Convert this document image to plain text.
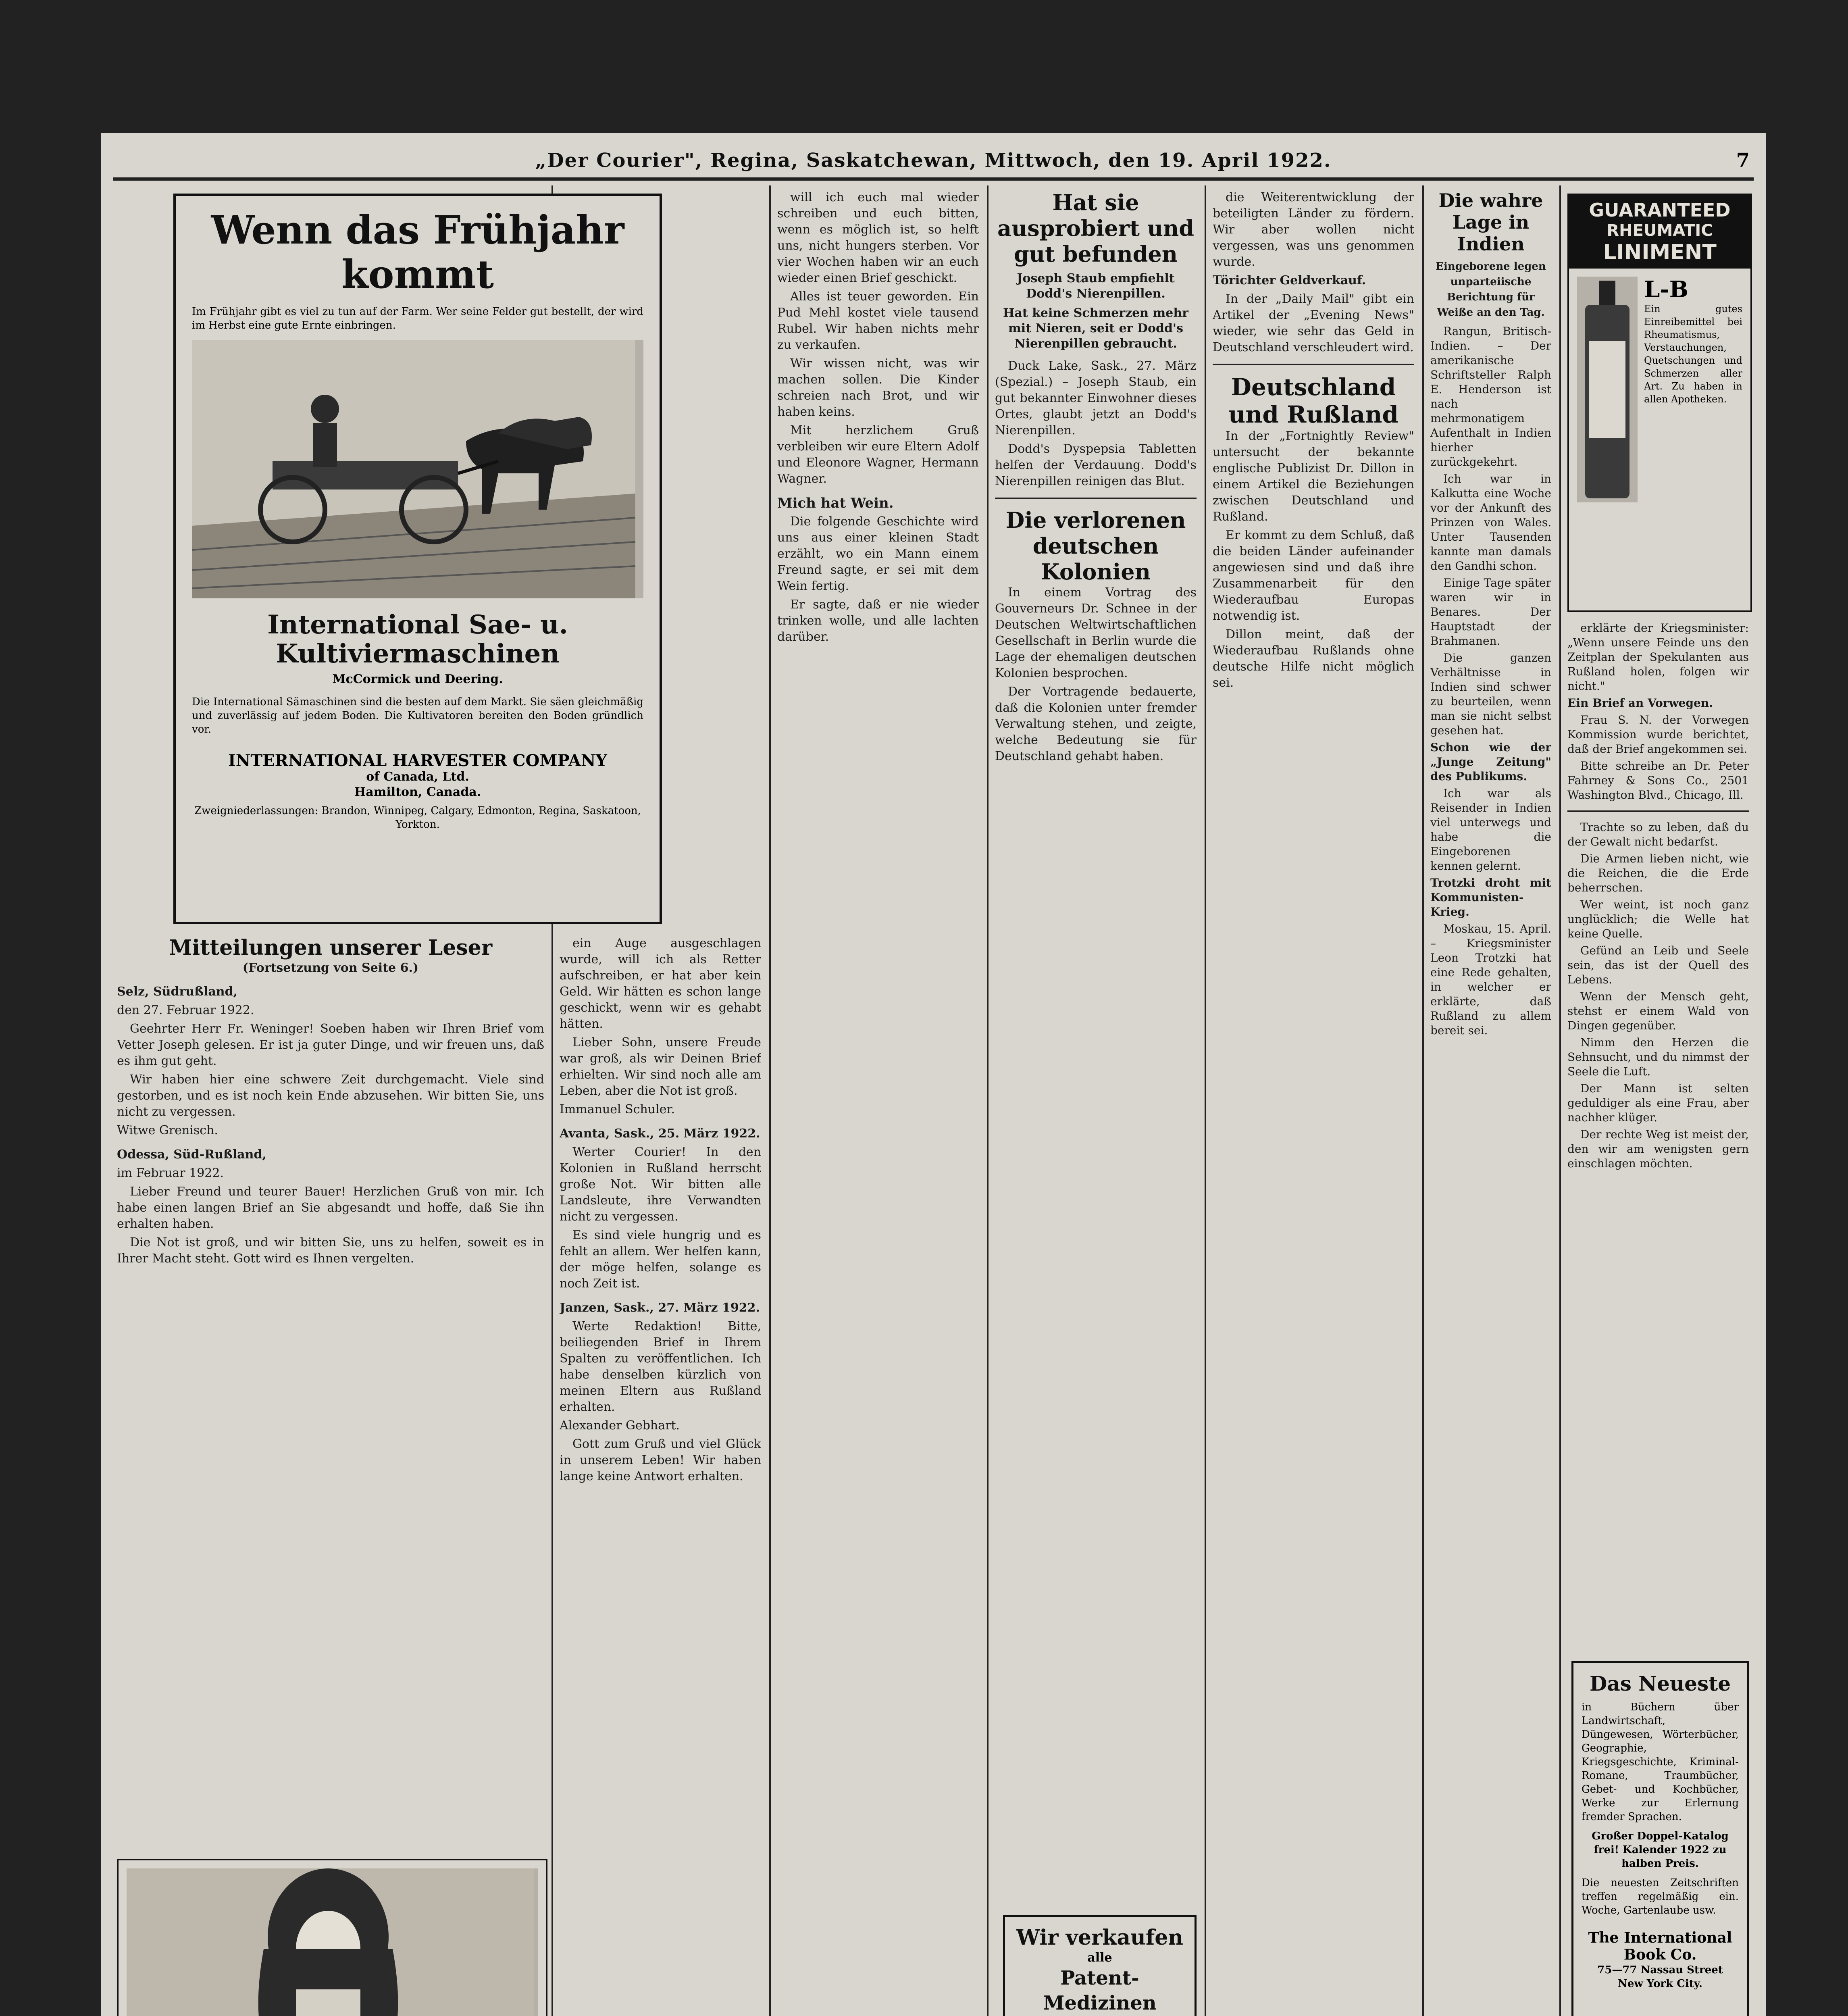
„Der Courier", Regina, Saskatchewan, Mittwoch, den 19. April 1922.	7
Wenn das Frühjahr kommt
Im Frühjahr gibt es viel zu tun auf der Farm. Wer seine Felder gut bestellt, der wird im Herbst eine gute Ernte einbringen.
International Sae- u. Kultiviermaschinen
McCormick und Deering.
Die International Sämaschinen sind die besten auf dem Markt. Sie säen gleichmäßig und zuverlässig auf jedem Boden. Die Kultivatoren bereiten den Boden gründlich vor.
INTERNATIONAL HARVESTER COMPANY
of Canada, Ltd.
Hamilton, Canada.
Zweigniederlassungen: Brandon, Winnipeg, Calgary, Edmonton, Regina, Saskatoon, Yorkton.
Mitteilungen unserer Leser
(Fortsetzung von Seite 6.)

Selz, Südrußland,

den 27. Februar 1922.

Geehrter Herr Fr. Weninger! Soeben haben wir Ihren Brief vom Vetter Joseph gelesen. Er ist ja guter Dinge, und wir freuen uns, daß es ihm gut geht.

Wir haben hier eine schwere Zeit durchgemacht. Viele sind gestorben, und es ist noch kein Ende abzusehen. Wir bitten Sie, uns nicht zu vergessen.

Witwe Grenisch.

Odessa, Süd-Rußland,

im Februar 1922.

Lieber Freund und teurer Bauer! Herzlichen Gruß von mir. Ich habe einen langen Brief an Sie abgesandt und hoffe, daß Sie ihn erhalten haben.

Die Not ist groß, und wir bitten Sie, uns zu helfen, soweit es in Ihrer Macht steht. Gott wird es Ihnen vergelten.

ein Auge ausgeschlagen wurde, will ich als Retter aufschreiben, er hat aber kein Geld. Wir hätten es schon lange geschickt, wenn wir es gehabt hätten.

Lieber Sohn, unsere Freude war groß, als wir Deinen Brief erhielten. Wir sind noch alle am Leben, aber die Not ist groß.

Immanuel Schuler.

Avanta, Sask., 25. März 1922.

Werter Courier! In den Kolonien in Rußland herrscht große Not. Wir bitten alle Landsleute, ihre Verwandten nicht zu vergessen.

Es sind viele hungrig und es fehlt an allem. Wer helfen kann, der möge helfen, solange es noch Zeit ist.

Janzen, Sask., 27. März 1922.

Werte Redaktion! Bitte, beiliegenden Brief in Ihrem Spalten zu veröffentlichen. Ich habe denselben kürzlich von meinen Eltern aus Rußland erhalten.

Alexander Gebhart.

Gott zum Gruß und viel Glück in unserem Leben! Wir haben lange keine Antwort erhalten.

will ich euch mal wieder schreiben und euch bitten, wenn es möglich ist, so helft uns, nicht hungers sterben. Vor vier Wochen haben wir an euch wieder einen Brief geschickt.

Alles ist teuer geworden. Ein Pud Mehl kostet viele tausend Rubel. Wir haben nichts mehr zu verkaufen.

Wir wissen nicht, was wir machen sollen. Die Kinder schreien nach Brot, und wir haben keins.

Mit herzlichem Gruß verbleiben wir eure Eltern Adolf und Eleonore Wagner, Hermann Wagner.

Mich hat Wein.

Die folgende Geschichte wird uns aus einer kleinen Stadt erzählt, wo ein Mann einem Freund sagte, er sei mit dem Wein fertig.

Er sagte, daß er nie wieder trinken wolle, und alle lachten darüber.

Hat sie ausprobiert und gut befunden
Joseph Staub empfiehlt Dodd's Nierenpillen.
Hat keine Schmerzen mehr mit Nieren, seit er Dodd's Nierenpillen gebraucht.

Duck Lake, Sask., 27. März (Spezial.) – Joseph Staub, ein gut bekannter Einwohner dieses Ortes, glaubt jetzt an Dodd's Nierenpillen.

Dodd's Dyspepsia Tabletten helfen der Verdauung. Dodd's Nierenpillen reinigen das Blut.

Die verlorenen deutschen Kolonien

In einem Vortrag des Gouverneurs Dr. Schnee in der Deutschen Weltwirtschaftlichen Gesellschaft in Berlin wurde die Lage der ehemaligen deutschen Kolonien besprochen.

Der Vortragende bedauerte, daß die Kolonien unter fremder Verwaltung stehen, und zeigte, welche Bedeutung sie für Deutschland gehabt haben.

Wir verkaufen
alle
Patent-Medizinen

die Weiterentwicklung der beteiligten Länder zu fördern. Wir aber wollen nicht vergessen, was uns genommen wurde.

Törichter Geldverkauf.

In der „Daily Mail" gibt ein Artikel der „Evening News" wieder, wie sehr das Geld in Deutschland verschleudert wird.

Deutschland und Rußland

In der „Fortnightly Review" untersucht der bekannte englische Publizist Dr. Dillon in einem Artikel die Beziehungen zwischen Deutschland und Rußland.

Er kommt zu dem Schluß, daß die beiden Länder aufeinander angewiesen sind und daß ihre Zusammenarbeit für den Wiederaufbau Europas notwendig ist.

Dillon meint, daß der Wiederaufbau Rußlands ohne deutsche Hilfe nicht möglich sei.

Die wahre Lage in Indien
Eingeborene legen unparteiische Berichtung für Weiße an den Tag.

Rangun, Britisch-Indien. – Der amerikanische Schriftsteller Ralph E. Henderson ist nach mehrmonatigem Aufenthalt in Indien hierher zurückgekehrt.

Ich war in Kalkutta eine Woche vor der Ankunft des Prinzen von Wales. Unter Tausenden kannte man damals den Gandhi schon.

Einige Tage später waren wir in Benares. Der Hauptstadt der Brahmanen.

Die ganzen Verhältnisse in Indien sind schwer zu beurteilen, wenn man sie nicht selbst gesehen hat.

Schon wie der „Junge Zeitung" des Publikums.

Ich war als Reisender in Indien viel unterwegs und habe die Eingeborenen kennen gelernt.

Trotzki droht mit Kommunisten-Krieg.

Moskau, 15. April. – Kriegsminister Leon Trotzki hat eine Rede gehalten, in welcher er erklärte, daß Rußland zu allem bereit sei.

GUARANTEED
RHEUMATIC
LINIMENT
L-B
Ein gutes Einreibemittel bei Rheumatismus, Verstauchungen, Quetschungen und Schmerzen aller Art. Zu haben in allen Apotheken.

erklärte der Kriegsminister: „Wenn unsere Feinde uns den Zeitplan der Spekulanten aus Rußland holen, folgen wir nicht."

Ein Brief an Vorwegen.

Frau S. N. der Vorwegen Kommission wurde berichtet, daß der Brief angekommen sei.

Bitte schreibe an Dr. Peter Fahrney & Sons Co., 2501 Washington Blvd., Chicago, Ill.

Trachte so zu leben, daß du der Gewalt nicht bedarfst.

Die Armen lieben nicht, wie die Reichen, die die Erde beherrschen.

Wer weint, ist noch ganz unglücklich; die Welle hat keine Quelle.

Gefünd an Leib und Seele sein, das ist der Quell des Lebens.

Wenn der Mensch geht, stehst er einem Wald von Dingen gegenüber.

Nimm den Herzen die Sehnsucht, und du nimmst der Seele die Luft.

Der Mann ist selten geduldiger als eine Frau, aber nachher klüger.

Der rechte Weg ist meist der, den wir am wenigsten gern einschlagen möchten.

Das Neueste
in Büchern über Landwirtschaft, Düngewesen, Wörterbücher, Geographie, Kriegsgeschichte, Kriminal-Romane, Traumbücher, Gebet- und Kochbücher, Werke zur Erlernung fremder Sprachen.
Großer Doppel-Katalog frei! Kalender 1922 zu halben Preis.
Die neuesten Zeitschriften treffen regelmäßig ein. Woche, Gartenlaube usw.
The International Book Co.
75—77 Nassau Street
New York City.
